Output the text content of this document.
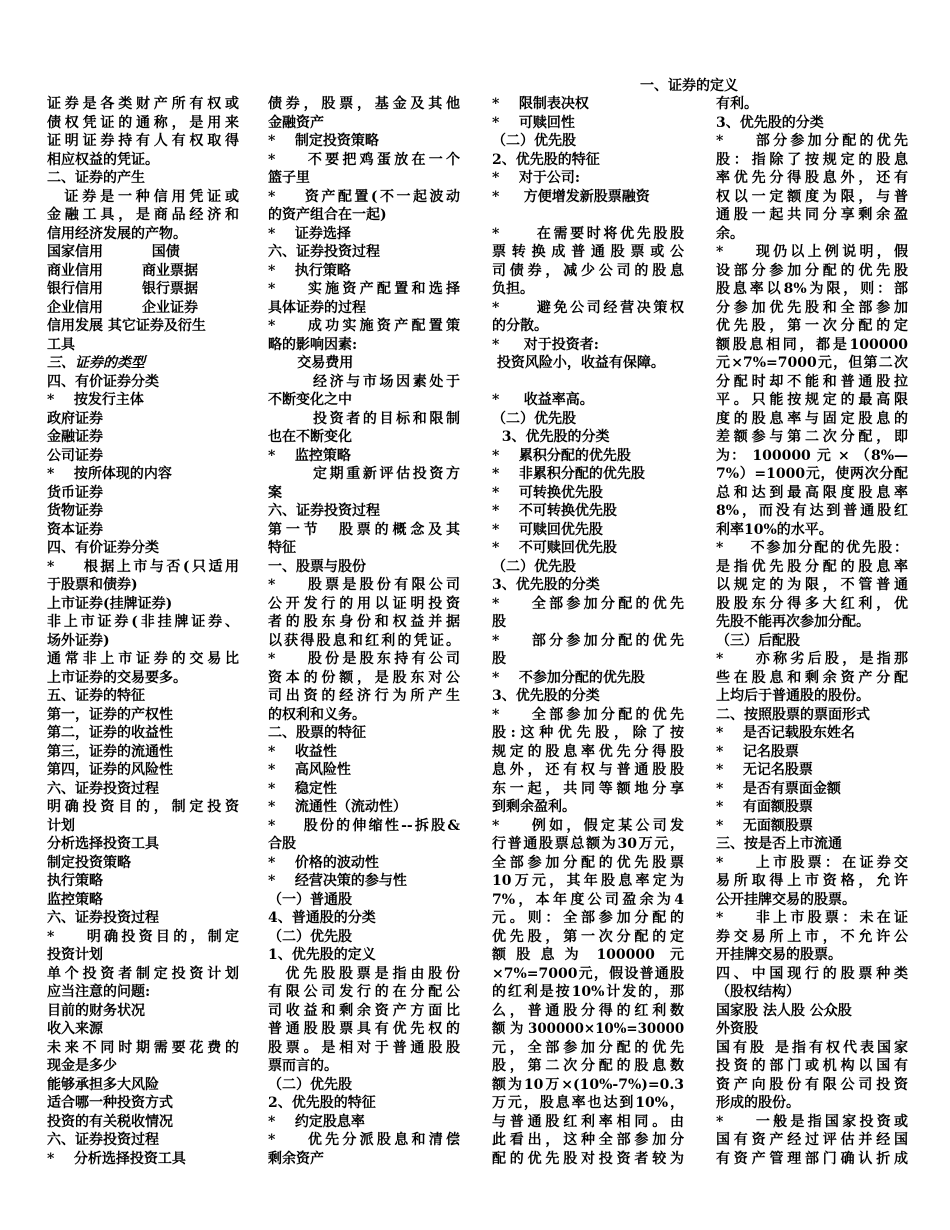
一、证券的定义
证券是各类财产所有权或
债权凭证的通称，是用来
证明证券持有人有权取得
相应权益的凭证。
二、证券的产生
证券是一种信用凭证或
金融工具，是商品经济和
信用经济发展的产物。
国家信用          国债
商业信用        商业票据
银行信用        银行票据
企业信用        企业证券
信用发展 其它证券及衍生
工具
三、证券的类型
四、有价证券分类
*    按发行主体
政府证券
金融证券
公司证券
*    按所体现的内容
货币证券
货物证券
资本证券
四、有价证券分类
*    根据上市与否(只适用
于股票和债券)
上市证券(挂牌证券)
非上市证券(非挂牌证券、
场外证券)
通常非上市证券的交易比
上市证券的交易要多。
五、证券的特征
第一，证券的产权性
第二，证券的收益性
第三，证券的流通性
第四，证券的风险性
六、证券投资过程
明确投资目的，制定投资
计划
分析选择投资工具
制定投资策略
执行策略
监控策略
六、证券投资过程
*    明确投资目的，制定
投资计划
单个投资者制定投资计划
应当注意的问题:
目前的财务状况
收入来源
未来不同时期需要花费的
现金是多少
能够承担多大风险
适合哪一种投资方式
投资的有关税收情况
六、证券投资过程
*    分析选择投资工具
债券，股票，基金及其他
金融资产
*    制定投资策略
*    不要把鸡蛋放在一个
篮子里
*    资产配置(不一起波动
的资产组合在一起)
*    证券选择
六、证券投资过程
*    执行策略
*    实施资产配置和选择
具体证券的过程
*    成功实施资产配置策
略的影响因素:
交易费用
经济与市场因素处于
不断变化之中
投资者的目标和限制
也在不断变化
*    监控策略
定期重新评估投资方
案
六、证券投资过程
第一节  股票的概念及其
特征
一、股票与股份
*    股票是股份有限公司
公开发行的用以证明投资
者的股东身份和权益并据
以获得股息和红利的凭证。
*    股份是股东持有公司
资本的份额，是股东对公
司出资的经济行为所产生
的权利和义务。
二、股票的特征
*    收益性
*    高风险性
*    稳定性
*    流通性（流动性）
*    股份的伸缩性--拆股&
合股
*    价格的波动性
*    经营决策的参与性
（一）普通股
4、普通股的分类
（二）优先股
1、优先股的定义
优先股股票是指由股份
有限公司发行的在分配公
司收益和剩余资产方面比
普通股股票具有优先权的
股票。是相对于普通股股
票而言的。
（二）优先股
2、优先股的特征
*    约定股息率
*    优先分派股息和清偿
剩余资产
*    限制表决权
*    可赎回性
（二）优先股
2、优先股的特征
*    对于公司:
*     方便增发新股票融资
*     在需要时将优先股股
票转换成普通股票或公
司债券，减少公司的股息
负担。
*     避免公司经营决策权
的分散。
*     对于投资者:
投资风险小，收益有保障。
*     收益率高。
（二）优先股
3、优先股的分类
*    累积分配的优先股
*    非累积分配的优先股
*    可转换优先股
*    不可转换优先股
*    可赎回优先股
*    不可赎回优先股
（二）优先股
3、优先股的分类
*    全部参加分配的优先
股
*    部分参加分配的优先
股
*    不参加分配的优先股
3、优先股的分类
*    全部参加分配的优先
股:这种优先股，除了按
规定的股息率优先分得股
息外，还有权与普通股股
东一起，共同等额地分享
到剩余盈利。
*    例如，假定某公司发
行普通股票总额为30万元，
全部参加分配的优先股票
10万元，其年股息率定为
7%，本年度公司盈余为4
元。则：全部参加分配的
优先股，第一次分配的定
额 股 息 为  100000  元
×7%=7000元，假设普通股
的红利是按10%计发的，那
么，普通股分得的红利数
额 为 300000×10%=30000
元，全部参加分配的优先
股，第二次分配的股息数
额为10万×(10%-7%)=0.3
万元，股息率也达到10%，
与普通股红利率相同。由
此看出，这种全部参加分
配的优先股对投资者较为
有利。
3、优先股的分类
*    部分参加分配的优先
股：指除了按规定的股息
率优先分得股息外，还有
权以一定额度为限，与普
通股一起共同分享剩余盈
余。
*    现仍以上例说明，假
设部分参加分配的优先股
股息率以8%为限，则：部
分参加优先股和全部参加
优先股，第一次分配的定
额股息相同，都是100000
元×7%=7000元，但第二次
分配时却不能和普通股拉
平。只能按规定的最高限
度的股息率与固定股息的
差额参与第二次分配，即
为： 100000 元 × （8%—
7%）=1000元，使两次分配
总和达到最高限度股息率
8%，而没有达到普通股红
利率10%的水平。
*    不参加分配的优先股：
是指优先股分配的股息率
以规定的为限，不管普通
股股东分得多大红利，优
先股不能再次参加分配。
（三）后配股
*    亦称劣后股，是指那
些在股息和剩余资产分配
上均后于普通股的股份。
二、按照股票的票面形式
*    是否记载股东姓名
*    记名股票
*    无记名股票
*    是否有票面金额
*    有面额股票
*    无面额股票
三、按是否上市流通
*    上市股票：在证券交
易所取得上市资格，允许
公开挂牌交易的股票。
*    非上市股票：未在证
券交易所上市，不允许公
开挂牌交易的股票。
四、中国现行的股票种类
（股权结构）
国家股 法人股 公众股
外资股
国有股 是指有权代表国家
投资的部门或机构以国有
资产向股份有限公司投资
形成的股份。
*    一般是指国家投资或
国有资产经过评估并经国
有资产管理部门确认折成
